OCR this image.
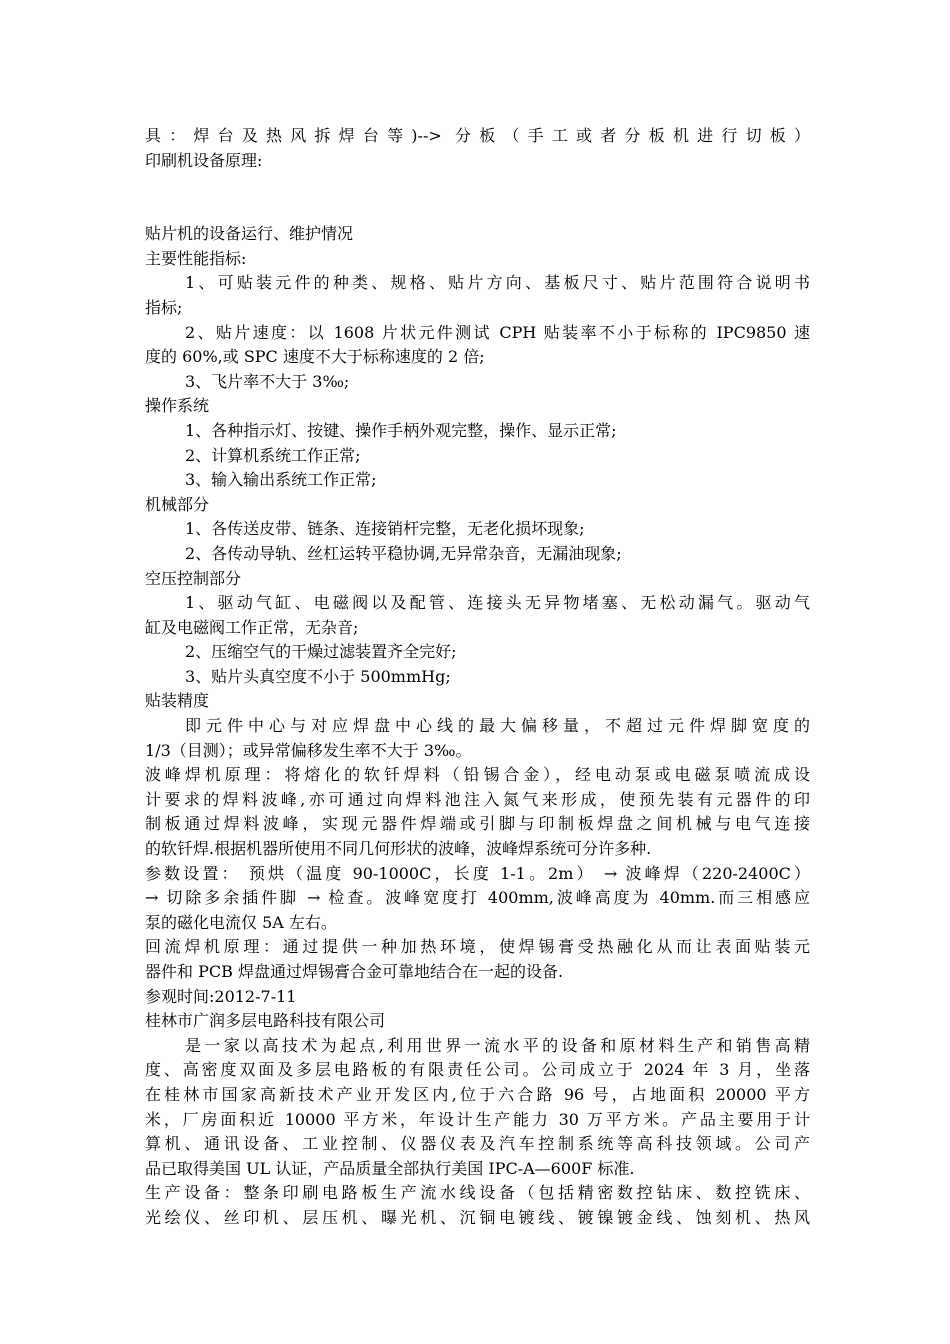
具：焊台及热风拆焊台等)--> 分板（手工或者分板机进行切板）
印刷机设备原理:
贴片机的设备运行、维护情况
主要性能指标:
1、可贴装元件的种类、规格、贴片方向、基板尺寸、贴片范围符合说明书
指标;
2、贴片速度：以 1608 片状元件测试 CPH 贴装率不小于标称的 IPC9850 速
度的 60%,或 SPC 速度不大于标称速度的 2 倍;
3、飞片率不大于 3‰;
操作系统
1、各种指示灯、按键、操作手柄外观完整，操作、显示正常;
2、计算机系统工作正常;
3、输入输出系统工作正常;
机械部分
1、各传送皮带、链条、连接销杆完整，无老化损坏现象;
2、各传动导轨、丝杠运转平稳协调,无异常杂音，无漏油现象;
空压控制部分
1、驱动气缸、电磁阀以及配管、连接头无异物堵塞、无松动漏气。驱动气
缸及电磁阀工作正常，无杂音;
2、压缩空气的干燥过滤装置齐全完好;
3、贴片头真空度不小于 500mmHg;
贴装精度
即元件中心与对应焊盘中心线的最大偏移量，不超过元件焊脚宽度的
1/3（目测）；或异常偏移发生率不大于 3‰。
波峰焊机原理：将熔化的软钎焊料（铅锡合金），经电动泵或电磁泵喷流成设
计要求的焊料波峰,亦可通过向焊料池注入氮气来形成，使预先装有元器件的印
制板通过焊料波峰，实现元器件焊端或引脚与印制板焊盘之间机械与电气连接
的软钎焊.根据机器所使用不同几何形状的波峰，波峰焊系统可分许多种.
参数设置： 预烘（温度 90-1000C，长度 1-1。2m） → 波峰焊（220-2400C）
→ 切除多余插件脚 → 检查。波峰宽度打 400mm,波峰高度为 40mm.而三相感应
泵的磁化电流仅 5A 左右。
回流焊机原理：通过提供一种加热环境，使焊锡膏受热融化从而让表面贴装元
器件和 PCB 焊盘通过焊锡膏合金可靠地结合在一起的设备.
参观时间:2012-7-11
桂林市广润多层电路科技有限公司
是一家以高技术为起点,利用世界一流水平的设备和原材料生产和销售高精
度、高密度双面及多层电路板的有限责任公司。公司成立于 2024 年 3 月，坐落
在桂林市国家高新技术产业开发区内,位于六合路 96 号，占地面积 20000 平方
米，厂房面积近 10000 平方米，年设计生产能力 30 万平方米。产品主要用于计
算机、通讯设备、工业控制、仪器仪表及汽车控制系统等高科技领域。公司产
品已取得美国 UL 认证，产品质量全部执行美国 IPC-A—600F 标准.
生产设备：整条印刷电路板生产流水线设备（包括精密数控钻床、数控铣床、
光绘仪、丝印机、层压机、曝光机、沉铜电镀线、镀镍镀金线、蚀刻机、热风
